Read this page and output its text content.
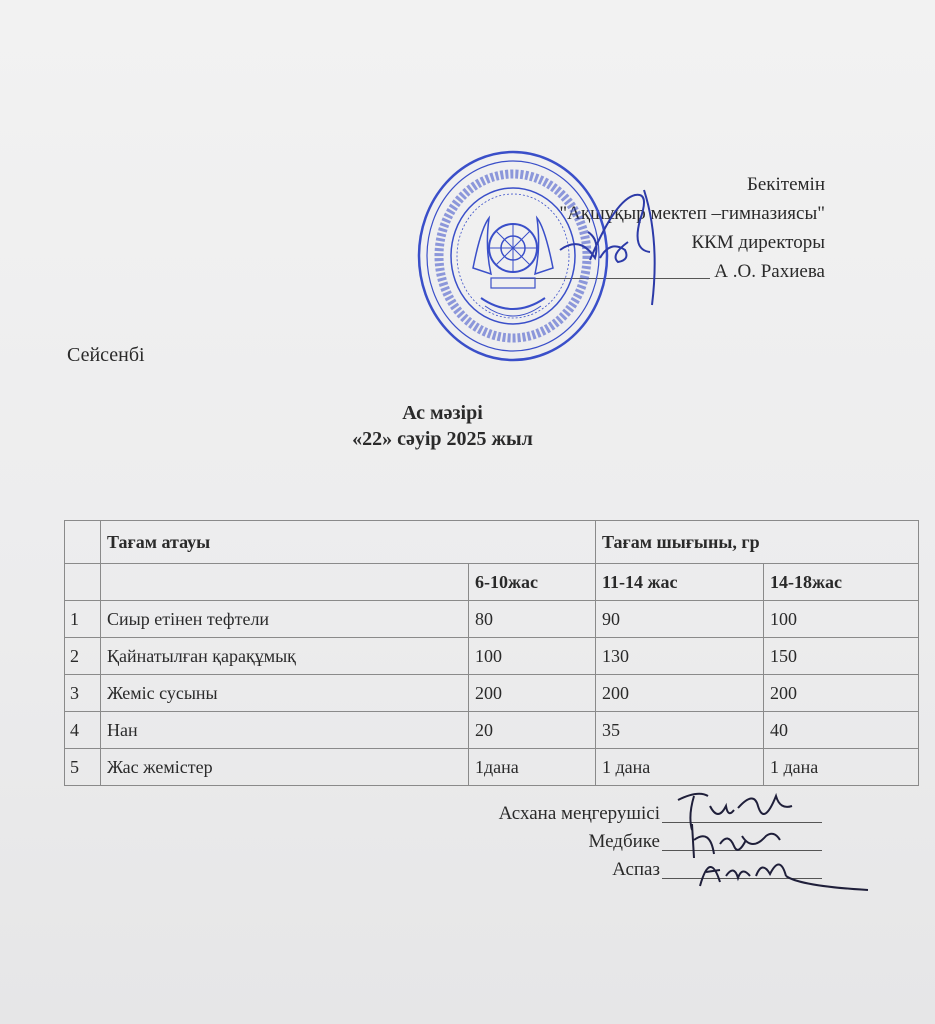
Бекітемін
"Ақшұқыр мектеп –гимназиясы"
ККМ директоры
А .О. Рахиева
Сейсенбі
Ас мәзірі
«22» сәуір 2025 жыл
	Тағам атауы		Тағам шығыны, гр	
		6-10жас	11-14 жас	14-18жас
1	Сиыр етінен тефтели	80	90	100
2	Қайнатылған қарақұмық	100	130	150
3	Жеміс сусыны	200	200	200
4	Нан	20	35	40
5	Жас жемістер	1дана	1 дана	1 дана
Асхана меңгерушісі
Медбике
Аспаз
